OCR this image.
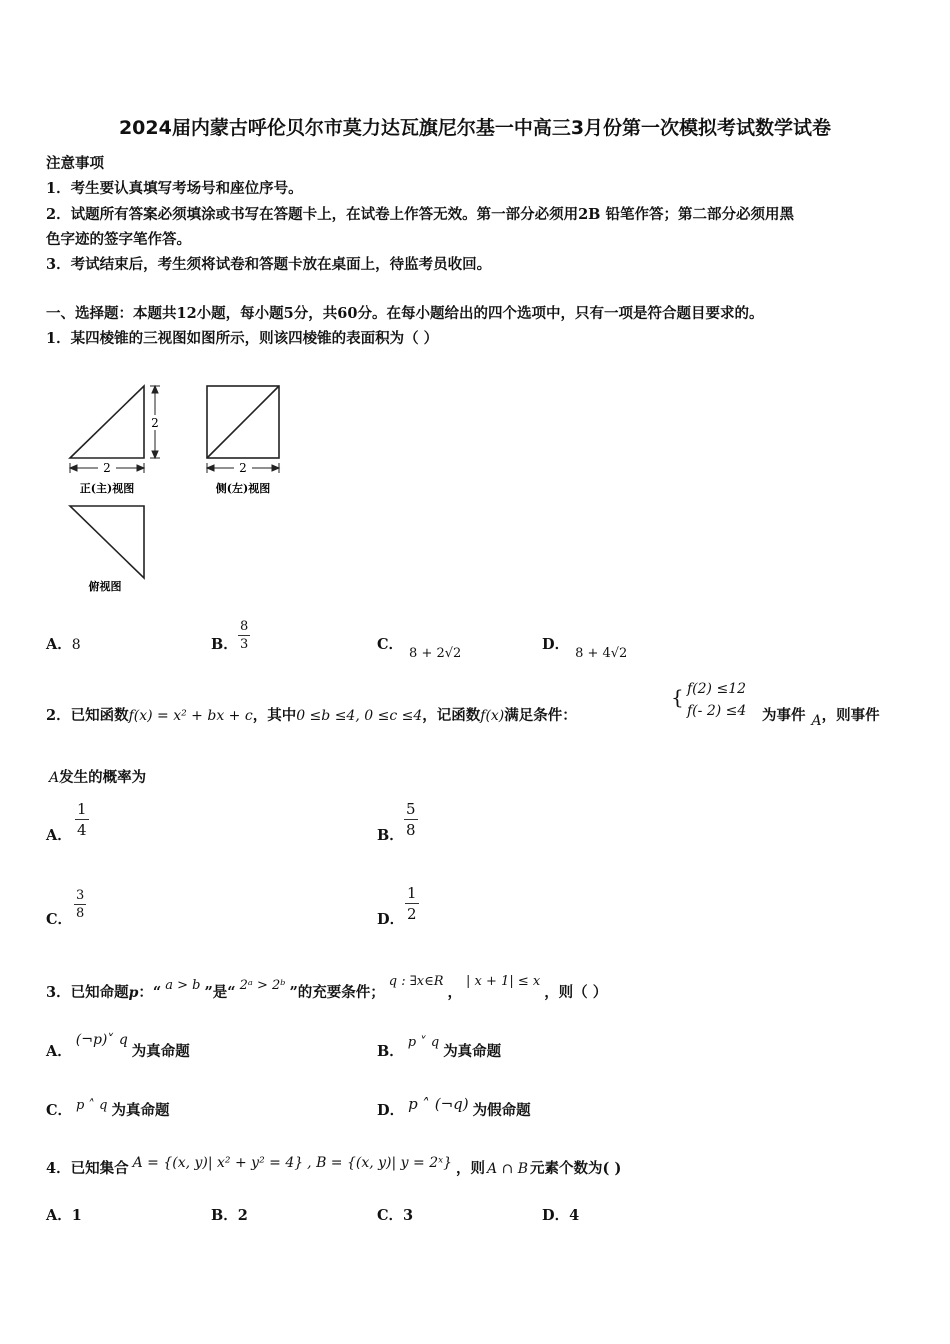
2024届内蒙古呼伦贝尔市莫力达瓦旗尼尔基一中高三3月份第一次模拟考试数学试卷
注意事项
1．考生要认真填写考场号和座位序号。
2．试题所有答案必须填涂或书写在答题卡上，在试卷上作答无效。第一部分必须用2B 铅笔作答；第二部分必须用黑
色字迹的签字笔作答。
3．考试结束后，考生须将试卷和答题卡放在桌面上，待监考员收回。
一、选择题：本题共12小题，每小题5分，共60分。在每小题给出的四个选项中，只有一项是符合题目要求的。
1．某四棱锥的三视图如图所示，则该四棱锥的表面积为（ ）
2
2
正(主)视图
2
侧(左)视图
俯视图
A．8	B．
8
3	C．8 + 2√2
D．8 + 4√2
2．已知函数f(x) = x² + bx + c，其中0 ≤b ≤4, 0 ≤c ≤4，记函数f(x)满足条件：
{ f(2) ≤12
f(- 2) ≤4 为事件 A，则事件
A发生的概率为
A．
1
4	B．
5
8
C．
3
8	D．
1
2
3．已知命题p：“ a > b ”是“ 2ᵃ > 2ᵇ ”的充要条件；q : ∃x∈R，| x + 1| ≤ x，则（ ）
A．(¬p)˅ q为真命题	B．p ˅ q为真命题
C． p ˄ q 为真命题	D． p ˄ (¬q) 为假命题
4．已知集合 A = {(x, y)| x² + y² = 4} , B = {(x, y)| y = 2ˣ} ，则 A ∩ B 元素个数为( )
A．1	B．2	C．3	D．4
